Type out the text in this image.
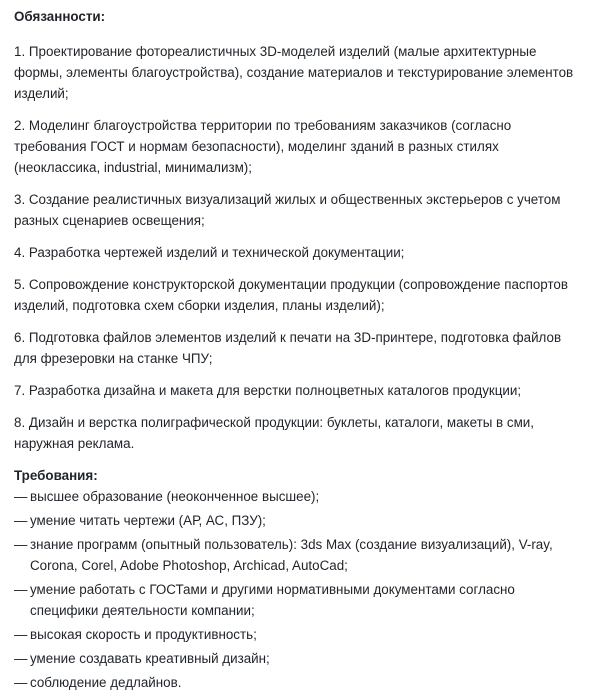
Обязанности:

1. Проектирование фотореалистичных 3D-моделей изделий (малые архитектурные формы, элементы благоустройства), создание материалов и текстурирование элементов изделий;

2. Моделинг благоустройства территории по требованиям заказчиков (согласно требования ГОСТ и нормам безопасности), моделинг зданий в разных стилях (неоклассика, industrial, минимализм);

3. Создание реалистичных визуализаций жилых и общественных экстерьеров с учетом разных сценариев освещения;

4. Разработка чертежей изделий и технической документации;

5. Сопровождение конструкторской документации продукции (сопровождение паспортов изделий, подготовка схем сборки изделия, планы изделий);

6. Подготовка файлов элементов изделий к печати на 3D-принтере, подготовка файлов для фрезеровки на станке ЧПУ;

7. Разработка дизайна и макета для верстки полноцветных каталогов продукции;

8. Дизайн и верстка полиграфической продукции: буклеты, каталоги, макеты в сми, наружная реклама.

Требования:

— высшее образование (неоконченное высшее);
— умение читать чертежи (АР, АС, ПЗУ);
— знание программ (опытный пользователь): 3ds Max (создание визуализаций), V-ray, Corona, Corel, Adobe Photoshop, Archicad, AutoCad;
— умение работать с ГОСТами и другими нормативными документами согласно специфики деятельности компании;
— высокая скорость и продуктивность;
— умение создавать креативный дизайн;
— соблюдение дедлайнов.
